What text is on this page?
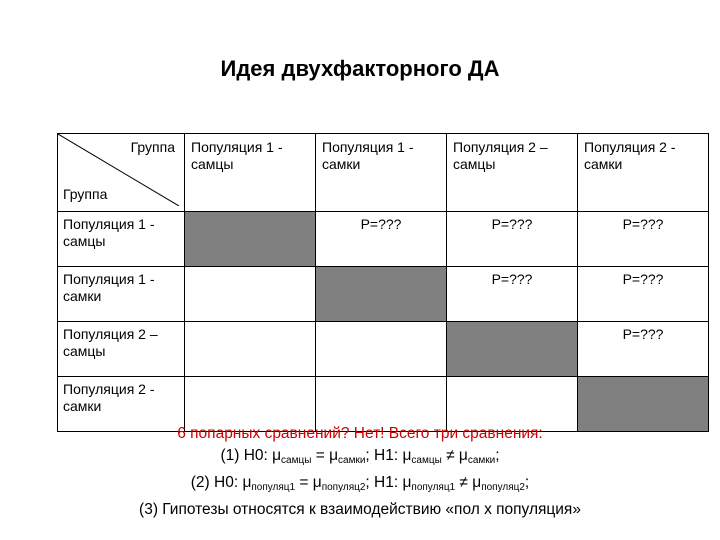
Идея двухфакторного ДА
Группа
Группа	Популяция 1 - самцы	Популяция 1 - самки	Популяция 2 – самцы	Популяция 2 - самки
Популяция 1 - самцы		Р=???	Р=???	Р=???
Популяция 1 - самки			Р=???	Р=???
Популяция 2 – самцы				Р=???
Популяция 2 - самки				
6 попарных сравнений? Нет! Всего три сравнения:
(1) H0: $\mu_{самцы} = \mu_{самки}$; H1: $\mu_{самцы} \ne \mu_{самки}$;
(2) H0: $\mu_{популяц1} = \mu_{популяц2}$; H1: $\mu_{популяц1} \ne \mu_{популяц2}$;
(3) Гипотезы относятся к взаимодействию «пол х популяция»
